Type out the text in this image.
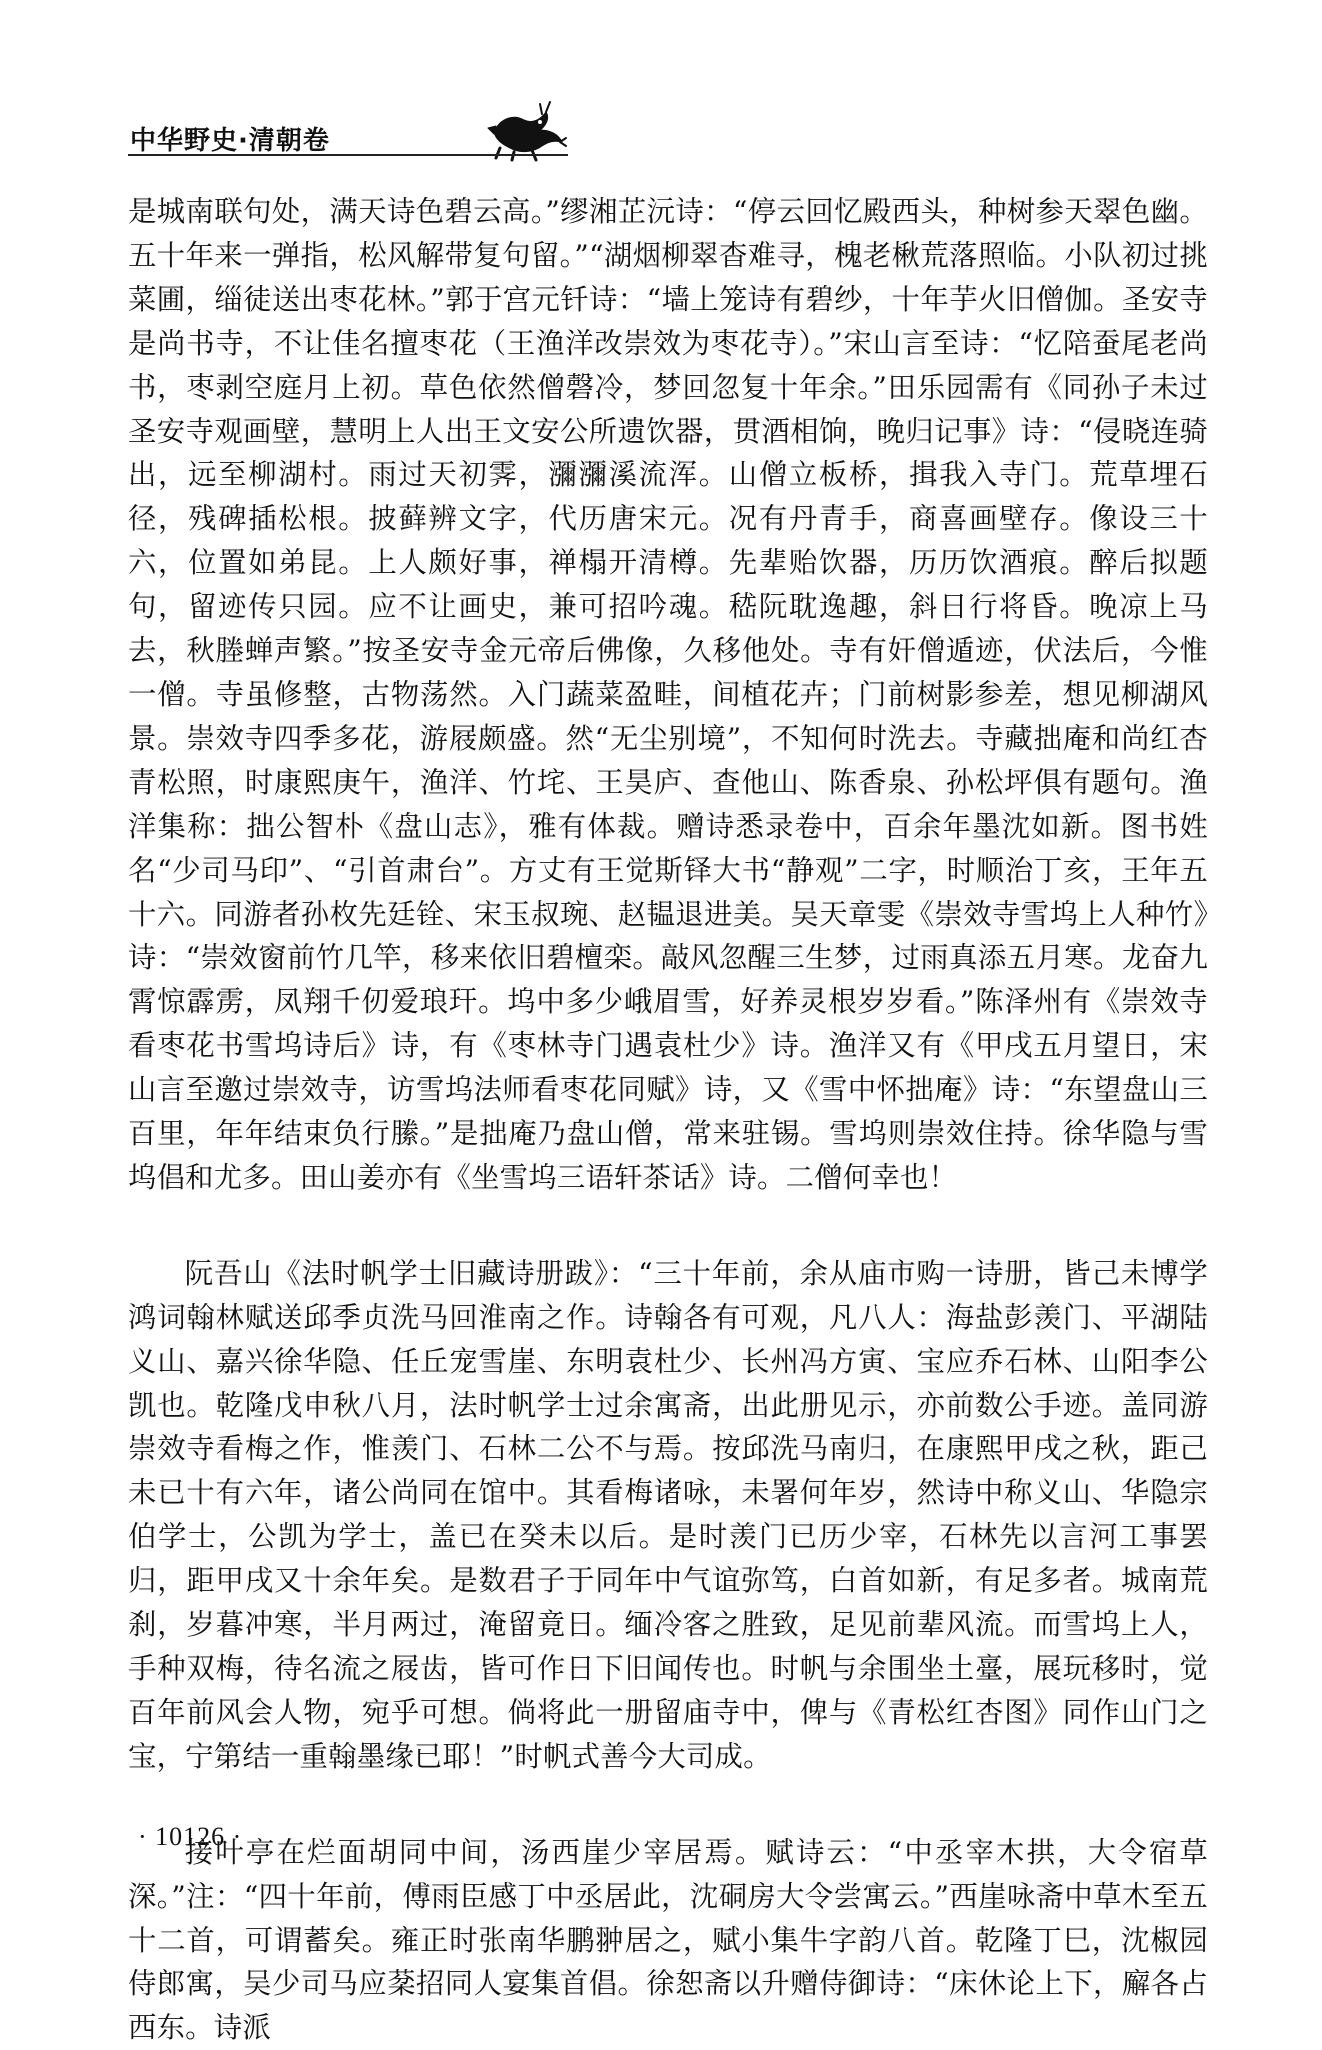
中华野史·清朝卷

是城南联句处，满天诗色碧云高。”缪湘芷沅诗：“停云回忆殿西头，种树参天翠色幽。五十年来一弹指，松风解带复句留。”“湖烟柳翠杳难寻，槐老楸荒落照临。小队初过挑菜圃，缁徒送出枣花林。”郭于宫元钎诗：“墙上笼诗有碧纱，十年芋火旧僧伽。圣安寺是尚书寺，不让佳名擅枣花（王渔洋改崇效为枣花寺）。”宋山言至诗：“忆陪蚕尾老尚书，枣剥空庭月上初。草色依然僧磬冷，梦回忽复十年余。”田乐园需有《同孙子未过圣安寺观画壁，慧明上人出王文安公所遗饮器，贯酒相饷，晚归记事》诗：“侵晓连骑出，远至柳湖村。雨过天初霁，瀰瀰溪流浑。山僧立板桥，揖我入寺门。荒草埋石径，残碑插松根。披藓辨文字，代历唐宋元。况有丹青手，商喜画壁存。像设三十六，位置如弟昆。上人颇好事，禅榻开清樽。先辈贻饮器，历历饮酒痕。醉后拟题句，留迹传只园。应不让画史，兼可招吟魂。嵇阮耽逸趣，斜日行将昏。晚凉上马去，秋塍蝉声繁。”按圣安寺金元帝后佛像，久移他处。寺有奸僧遁迹，伏法后，今惟一僧。寺虽修整，古物荡然。入门蔬菜盈畦，间植花卉；门前树影参差，想见柳湖风景。崇效寺四季多花，游屐颇盛。然“无尘别境”，不知何时洗去。寺藏拙庵和尚红杏青松照，时康熙庚午，渔洋、竹垞、王昊庐、查他山、陈香泉、孙松坪俱有题句。渔洋集称：拙公智朴《盘山志》，雅有体裁。赠诗悉录卷中，百余年墨沈如新。图书姓名“少司马印”、“引首肃台”。方丈有王觉斯铎大书“静观”二字，时顺治丁亥，王年五十六。同游者孙枚先廷铨、宋玉叔琬、赵韫退进美。吴天章雯《崇效寺雪坞上人种竹》诗：“崇效窗前竹几竿，移来依旧碧檀栾。敲风忽醒三生梦，过雨真添五月寒。龙奋九霄惊霹雳，凤翔千仞爱琅玕。坞中多少峨眉雪，好养灵根岁岁看。”陈泽州有《崇效寺看枣花书雪坞诗后》诗，有《枣林寺门遇袁杜少》诗。渔洋又有《甲戌五月望日，宋山言至邀过崇效寺，访雪坞法师看枣花同赋》诗，又《雪中怀拙庵》诗：“东望盘山三百里，年年结束负行縢。”是拙庵乃盘山僧，常来驻锡。雪坞则崇效住持。徐华隐与雪坞倡和尤多。田山姜亦有《坐雪坞三语轩茶话》诗。二僧何幸也！

阮吾山《法时帆学士旧藏诗册跋》：“三十年前，余从庙市购一诗册，皆己未博学鸿词翰林赋送邱季贞洗马回淮南之作。诗翰各有可观，凡八人：海盐彭羡门、平湖陆义山、嘉兴徐华隐、任丘宠雪崖、东明袁杜少、长州冯方寅、宝应乔石林、山阳李公凯也。乾隆戊申秋八月，法时帆学士过余寓斋，出此册见示，亦前数公手迹。盖同游崇效寺看梅之作，惟羡门、石林二公不与焉。按邱洗马南归，在康熙甲戌之秋，距己未已十有六年，诸公尚同在馆中。其看梅诸咏，未署何年岁，然诗中称义山、华隐宗伯学士，公凯为学士，盖已在癸未以后。是时羡门已历少宰，石林先以言河工事罢归，距甲戌又十余年矣。是数君子于同年中气谊弥笃，白首如新，有足多者。城南荒刹，岁暮冲寒，半月两过，淹留竟日。缅冷客之胜致，足见前辈风流。而雪坞上人，手种双梅，待名流之屐齿，皆可作日下旧闻传也。时帆与余围坐土㙶，展玩移时，觉百年前风会人物，宛乎可想。倘将此一册留庙寺中，俾与《青松红杏图》同作山门之宝，宁第结一重翰墨缘已耶！”时帆式善今大司成。

接叶亭在烂面胡同中间，汤西崖少宰居焉。赋诗云：“中丞宰木拱，大令宿草深。”注：“四十年前，傅雨臣感丁中丞居此，沈硐房大令尝寓云。”西崖咏斋中草木至五十二首，可谓蓄矣。雍正时张南华鹏翀居之，赋小集牛字韵八首。乾隆丁巳，沈椒园侍郎寓，吴少司马应棻招同人宴集首倡。徐恕斋以升赠侍御诗：“床休论上下，廨各占西东。诗派

· 10126 ·
